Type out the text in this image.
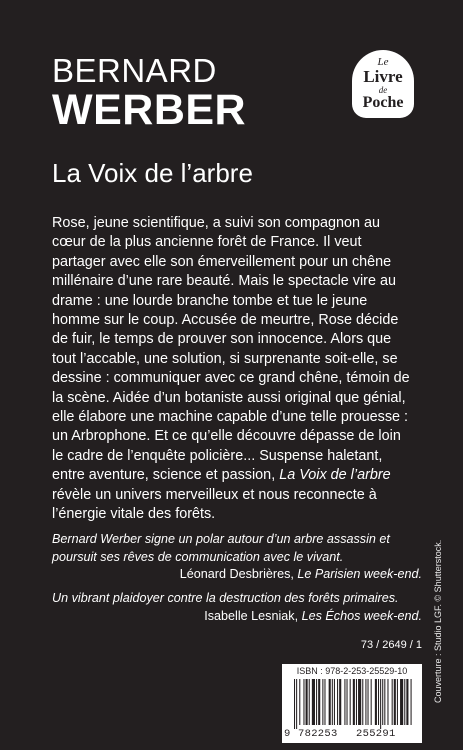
BERNARD
WERBER
La Voix de l’arbre
Le
Livre
de
Poche

Rose, jeune scientifique, a suivi son compagnon au cœur de la plus ancienne forêt de France. Il veut partager avec elle son émerveillement pour un chêne millénaire d’une rare beauté. Mais le spectacle vire au drame : une lourde branche tombe et tue le jeune homme sur le coup. Accusée de meurtre, Rose décide de fuir, le temps de prouver son innocence. Alors que tout l’accable, une solution, si surprenante soit-elle, se dessine : communiquer avec ce grand chêne, témoin de la scène. Aidée d’un botaniste aussi original que génial, elle élabore une machine capable d’une telle prouesse : un Arbrophone. Et ce qu’elle découvre dépasse de loin le cadre de l’enquête policière... Suspense haletant, entre aventure, science et passion, La Voix de l’arbre révèle un univers merveilleux et nous reconnecte à l’énergie vitale des forêts.

Bernard Werber signe un polar autour d’un arbre assassin et poursuit ses rêves de communication avec le vivant.

Léonard Desbrières, Le Parisien week-end.

Un vibrant plaidoyer contre la destruction des forêts primaires.

Isabelle Lesniak, Les Échos week-end.

73 / 2649 / 1
ISBN : 978-2-253-25529-10
9 782253 255291
Couverture : Studio LGF. © Shutterstock.
